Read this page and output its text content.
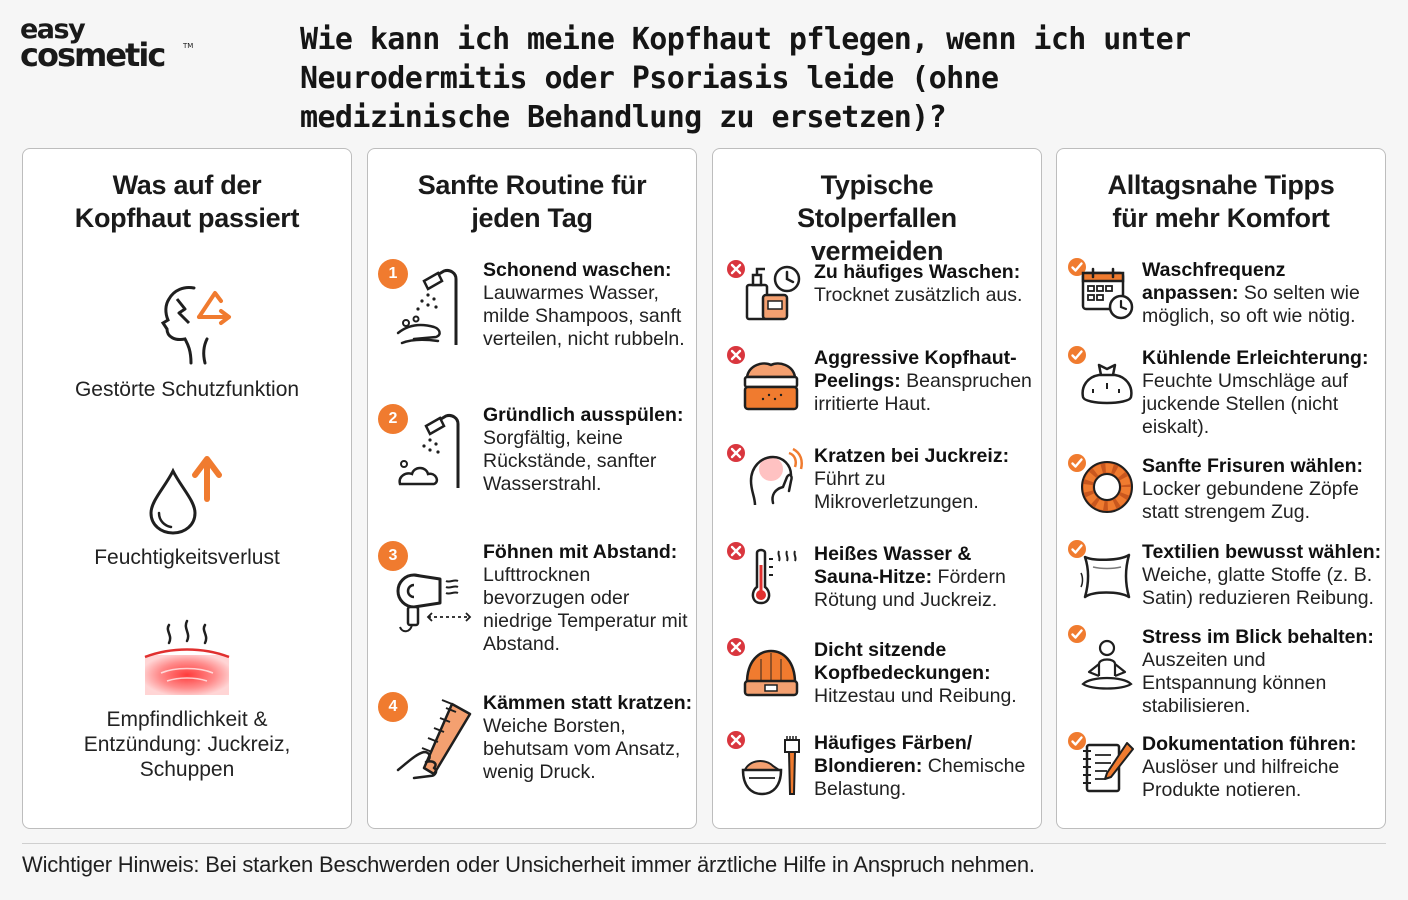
easy
cosmetic	TM	Wie kann ich meine Kopfhaut pflegen, wenn ich unter Neurodermitis oder Psoriasis leide (ohne medizinische Behandlung zu ersetzen)?
Was auf der Kopfhaut passiert
Gestörte Schutzfunktion
Feuchtigkeitsverlust
Empfindlichkeit & Entzündung: Juckreiz, Schuppen
Sanfte Routine für jeden Tag
1	Schonend waschen: Lauwarmes Wasser, milde Shampoos, sanft verteilen, nicht rubbeln.
2	Gründlich ausspülen: Sorgfältig, keine Rückstände, sanfter Wasserstrahl.
3	Föhnen mit Abstand: Lufttrocknen bevorzugen oder niedrige Temperatur mit Abstand.
4	Kämmen statt kratzen: Weiche Borsten, behutsam vom Ansatz, wenig Druck.
Typische Stolperfallen vermeiden
Zu häufiges Waschen: Trocknet zusätzlich aus.
Aggressive Kopfhaut-Peelings: Beanspruchen irritierte Haut.
Kratzen bei Juckreiz: Führt zu Mikroverletzungen.
Heißes Wasser & Sauna-Hitze: Fördern Rötung und Juckreiz.
Dicht sitzende Kopfbedeckungen: Hitzestau und Reibung.
Häufiges Färben/ Blondieren: Chemische Belastung.
Alltagsnahe Tipps für mehr Komfort
Waschfrequenz anpassen: So selten wie möglich, so oft wie nötig.
Kühlende Erleichterung: Feuchte Umschläge auf juckende Stellen (nicht eiskalt).
Sanfte Frisuren wählen: Locker gebundene Zöpfe statt strengem Zug.
Textilien bewusst wählen: Weiche, glatte Stoffe (z. B. Satin) reduzieren Reibung.
Stress im Blick behalten: Auszeiten und Entspannung können stabilisieren.
Dokumentation führen: Auslöser und hilfreiche Produkte notieren.
Wichtiger Hinweis: Bei starken Beschwerden oder Unsicherheit immer ärztliche Hilfe in Anspruch nehmen.
